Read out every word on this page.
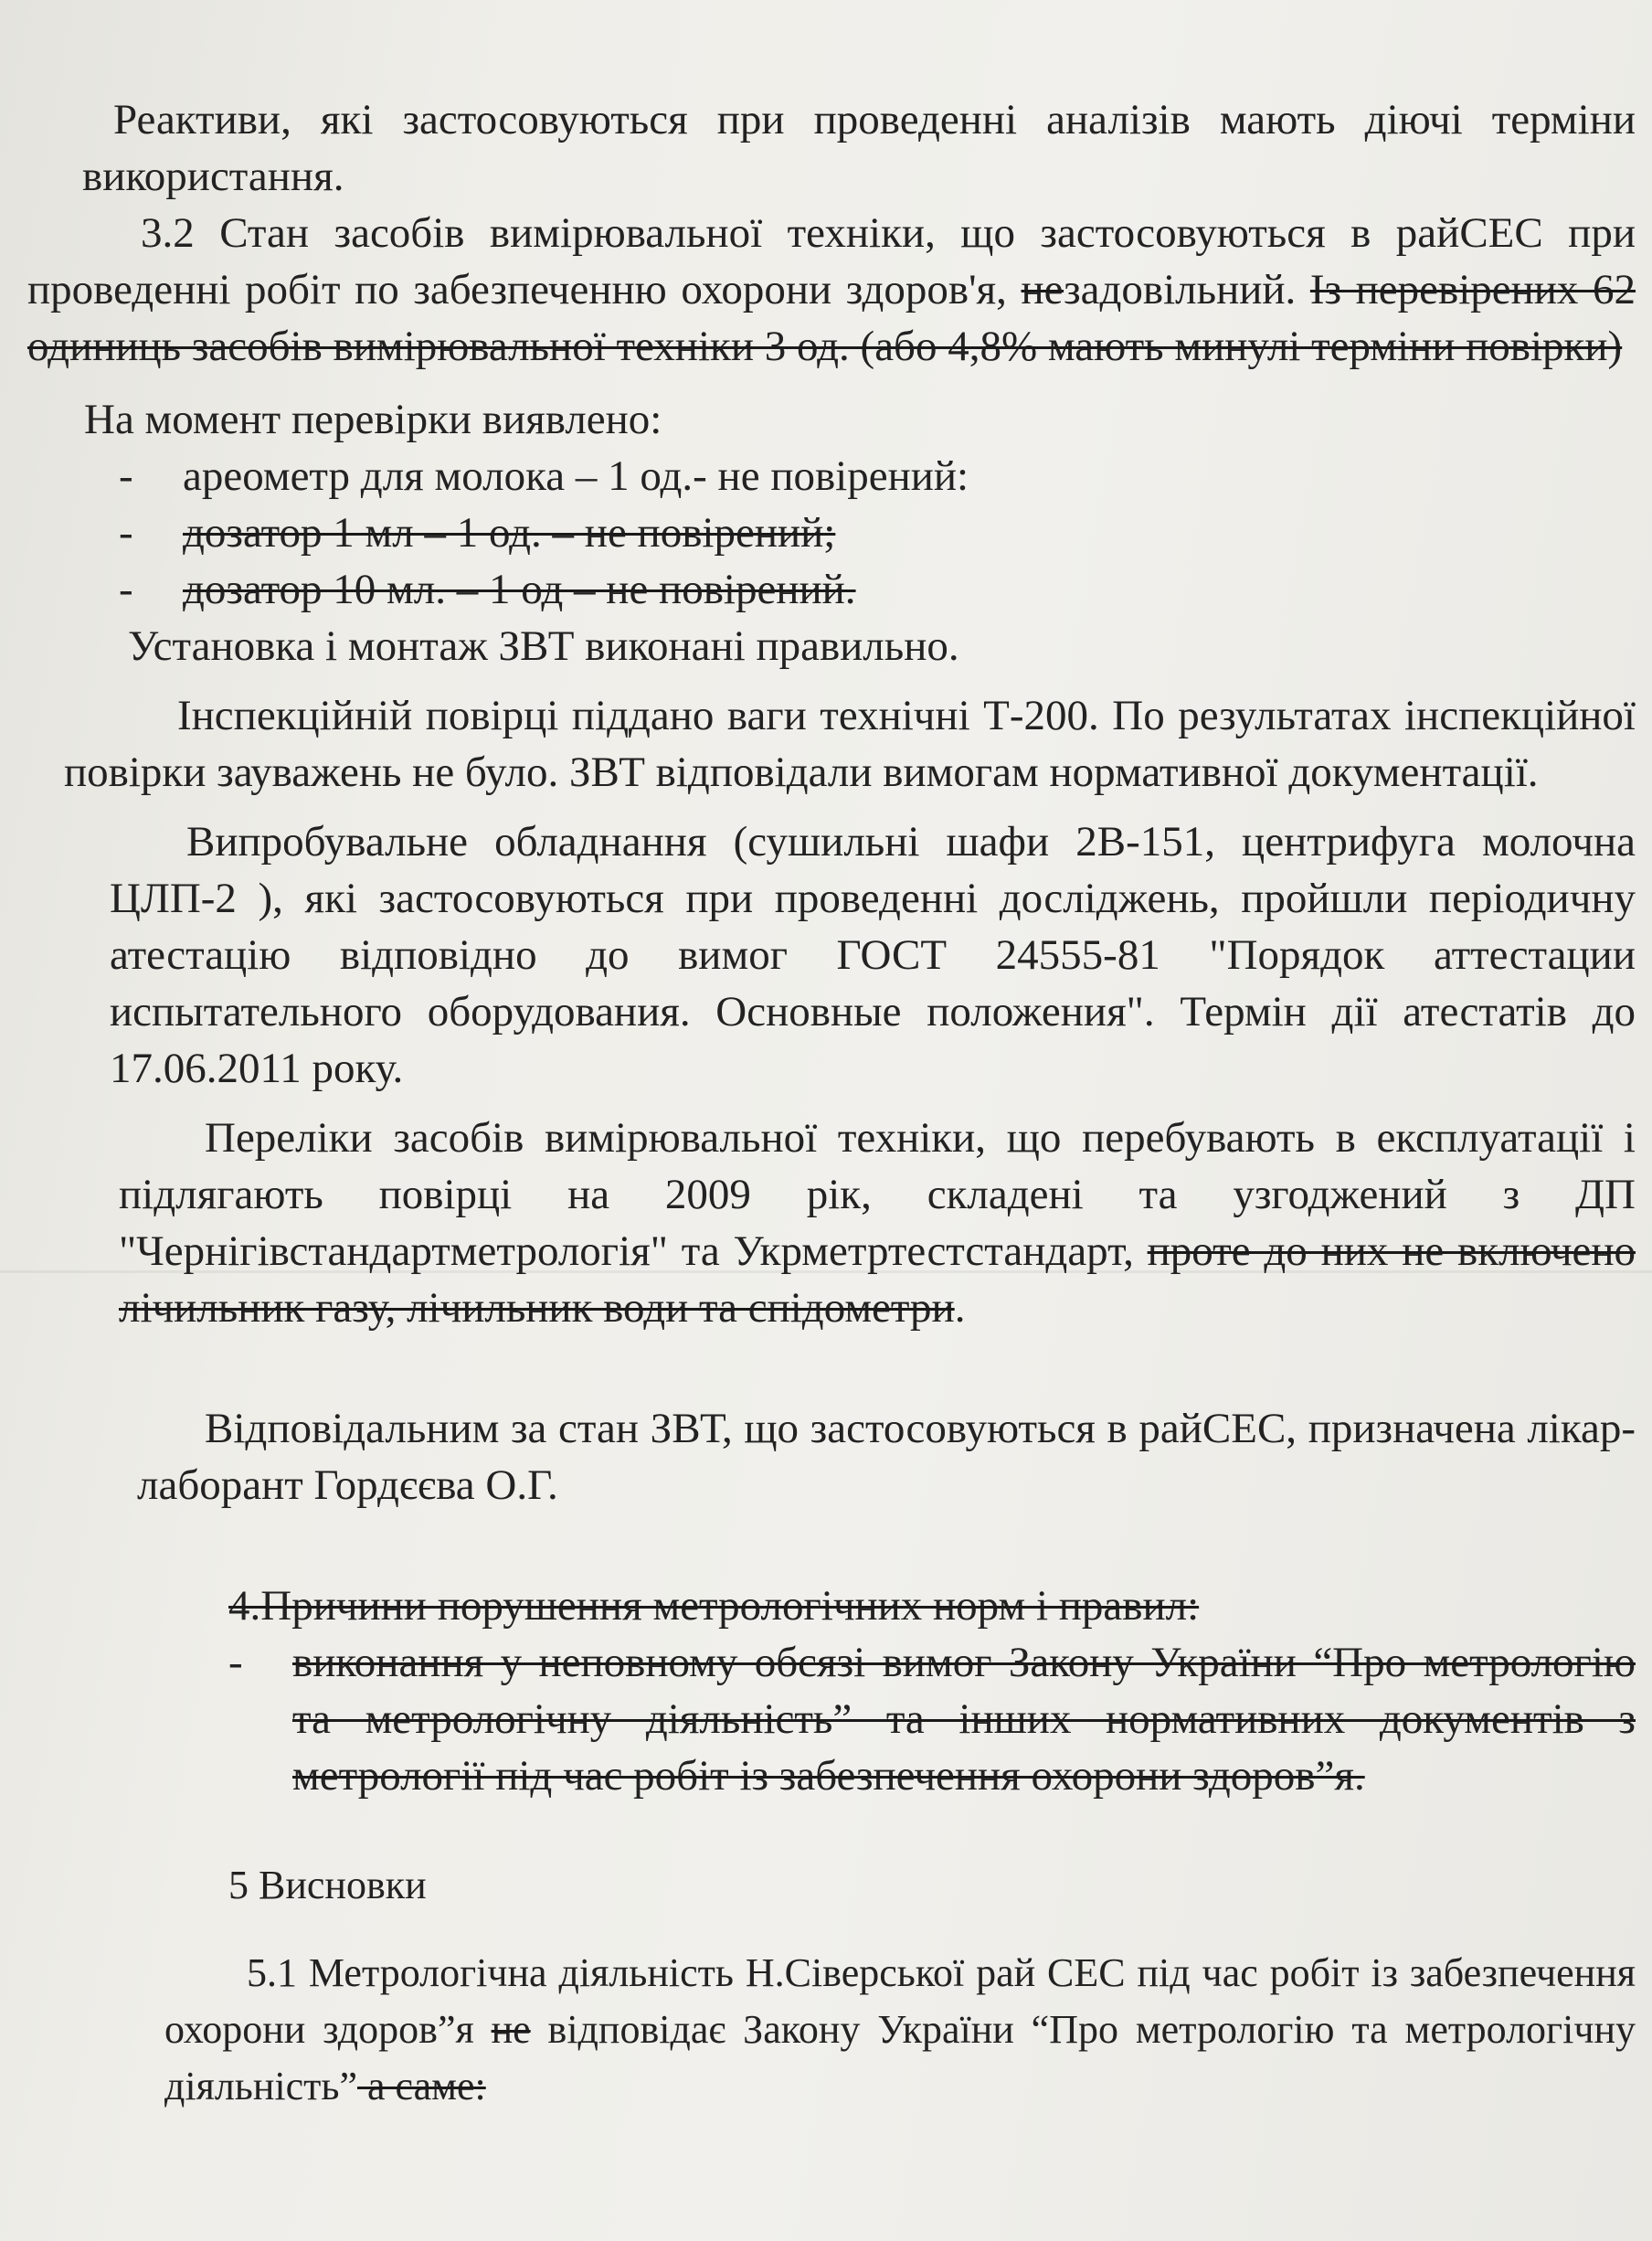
Реактиви, які застосовуються при проведенні аналізів мають діючі терміни використання.

3.2 Стан засобів вимірювальної техніки, що застосовуються в райСЕС при проведенні робіт по забезпеченню охорони здоров'я, незадовільний. Із перевірених 62 одиниць засобів вимірювальної техніки 3 од. (або 4,8% мають минулі терміни повірки)

На момент перевірки виявлено:

- ареометр для молока – 1 од.- не повірений:
- дозатор 1 мл – 1 од. – не повірений;
- дозатор 10 мл. – 1 од – не повірений.

Установка і монтаж ЗВТ виконані правильно.

Інспекційній повірці піддано ваги технічні Т-200. По результатах інспекційної повірки зауважень не було. ЗВТ відповідали вимогам нормативної документації.

Випробувальне обладнання (сушильні шафи 2В-151, центрифуга молочна ЦЛП-2 ), які застосовуються при проведенні досліджень, пройшли періодичну атестацію відповідно до вимог ГОСТ 24555-81 "Порядок аттестации испытательного оборудования. Основные положения". Термін дії атестатів до 17.06.2011 року.

Переліки засобів вимірювальної техніки, що перебувають в експлуатації і підлягають повірці на 2009 рік, складені та узгоджений з ДП "Чернігівстандартметрологія" та Укрметртестстандарт, проте до них не включено лічильник газу, лічильник води та спідометри.

Відповідальним за стан ЗВТ, що застосовуються в райСЕС, призначена лікар-лаборант Гордєєва О.Г.

4.Причини порушення метрологічних норм і правил:

- виконання у неповному обсязі вимог Закону України “Про метрологію та метрологічну діяльність” та інших нормативних документів з метрології під час робіт із забезпечення охорони здоров”я.

5 Висновки

5.1 Метрологічна діяльність Н.Сіверської рай СЕС під час робіт із забезпечення охорони здоров”я не відповідає Закону України “Про метрологію та метрологічну діяльність” а саме:
